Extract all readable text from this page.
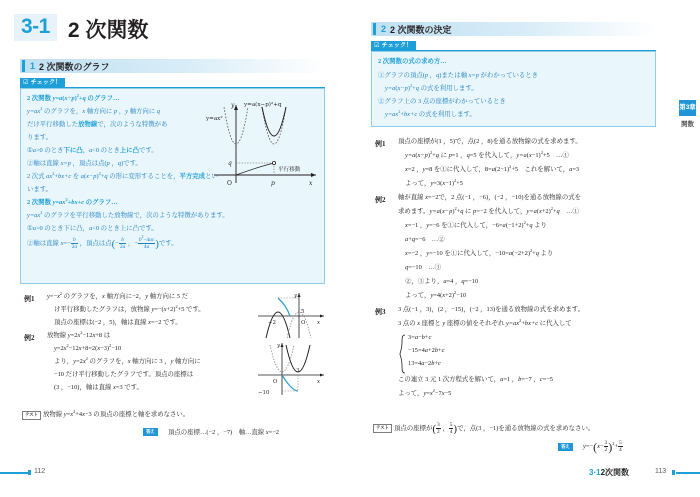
3-1 2 次関数
1 2 次関数のグラフ
☑ チェック！
2 次関数 $y=a(x-p)^2+q$ のグラフ…
$y=ax^2$ のグラフを，x 軸方向に p ，y 軸方向に q
だけ平行移動した放物線で，次のような特徴があ
ります。
①a>0 のとき下に凸，a<0 のとき上に凸です。
②軸は直線 x=p ，頂点は点(p ，q)です。
2 次式 $ax^2+bx+c$ を $a(x-p)^2+q$ の形に変形することを，平方完成とい
います。
2 次関数 $y=ax^2+bx+c$ のグラフ…
$y=ax^2$ のグラフを平行移動した放物線で，次のような特徴があります。
①a>0 のとき下に凸，a<0 のとき上に凸です。
②軸は直線 $x=- \frac{b}{2a}$ ，頂点は点(− $\frac{b}{2a}$ ，− $\frac{b^2-4ac}{4a}$ )です。
y
x
O	p
q
y=a(x−p)²+q
y=ax²
平行移動
例1 $y=-x^2$ のグラフを，x 軸方向に−2，y 軸方向に 5 だ
け平行移動したグラフは，放物線 $y=-(x+2)^2+5$ です。
頂点の座標は(−2 ，5)，軸は直線 x=−2 です。
例2 放物線 $y=2x^2-12x+8$ は
$y=2x^2-12x+8=2(x-3)^2-10$
より，$y=2x^2$ のグラフを，x 軸方向に 3 ，y 軸方向に
−10 だけ平行移動したグラフです。頂点の座標は
(3 ，−10)，軸は直線 x=3 です。
y
x
5
O
−2
y
x
O
3
−10
テスト 放物線 $y=x^2+4x-3$ の頂点の座標と軸を求めなさい。
答え	頂点の座標…(−2 ，−7)　軸…直線 x=−2
112
2 2 次関数の決定
☑ チェック！
2 次関数の式の求め方…
①グラフの頂点(p ，q)または軸 x=p がわかっているとき
$y=a(x-p)^2+q$ の式を利用します。
②グラフ上の 3 点の座標がわかっているとき
$y=ax^2+bx+c$ の式を利用します。
例1 頂点の座標が(1 ，5)で，点(2 ，8)を通る放物線の式を求めます。
$y=a(x-p)^2+q$ に p=1 ，q=5 を代入して，$y=a(x-1)^2+5$　…①
x=2 ，y=8 を①に代入して，$8=a(2-1)^2+5$　これを解いて，a=3
よって，$y=3(x-1)^2+5$
例2 軸が直線 x=−2で，2 点(−1 ，−6)，(−2 ，−10)を通る放物線の式を
求めます。$y=a(x-p)^2+q$ に p=−2 を代入して，$y=a(x+2)^2+q$　…①
x=−1 ，y=−6 を①に代入して，$-6=a(-1+2)^2+q$ より
a+q=−6　…②
x=−2 ，y=−10 を①に代入して，$-10=a(-2+2)^2+q$ より
q=−10　…③
②，③より，a=4 ，q=−10
よって，$y=4(x+2)^2-10$
例3 3 点(−1 ，3)，(2 ，−15)，(−2 ，13)を通る放物線の式を求めます。
3 点の x 座標と y 座標の値をそれぞれ $y=ax^2+bx+c$ に代入して
3=a−b+c
−15=4a+2b+c
13=4a−2b+c
この連立 3 元 1 次方程式を解いて，a=1 ，b=−7 ，c=−5
よって，$y=x^2-7x-5$
テスト 頂点の座標が( $\frac{3}{2}$ ， $\frac{5}{4}$ )で，点(3 ，−1)を通る放物線の式を求めなさい。
答え	$y=-(x- \frac{3}{2} )^2+ \frac{5}{4}$
3·12次関数	113
第3章
関数
